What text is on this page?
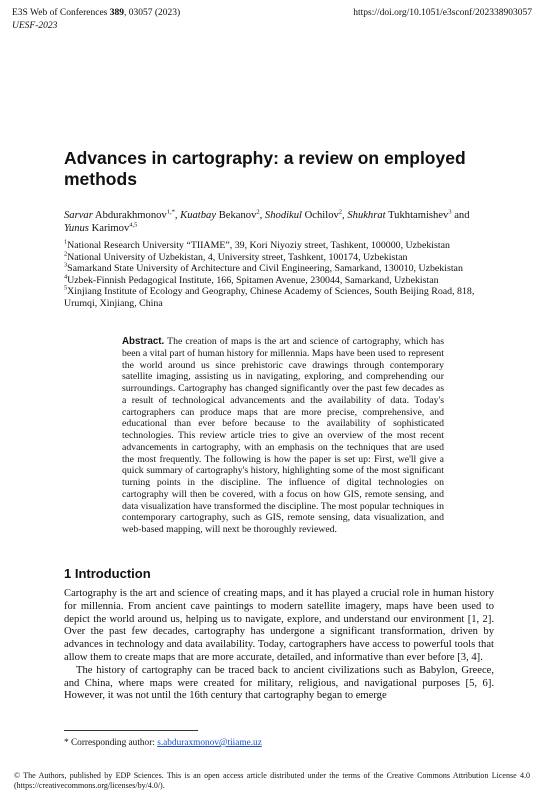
E3S Web of Conferences 389, 03057 (2023)
UESF-2023
https://doi.org/10.1051/e3sconf/202338903057
Advances in cartography: a review on employed methods
Sarvar Abdurakhmonov$^{1,*}$, Kuatbay Bekanov$^2$, Shodikul Ochilov$^2$, Shukhrat Tukhtamishev$^3$ and Yunus Karimov$^{4,5}$
$^1$National Research University “TIIAME”, 39, Kori Niyoziy street, Tashkent, 100000, Uzbekistan
$^2$National University of Uzbekistan, 4, University street, Tashkent, 100174, Uzbekistan
$^3$Samarkand State University of Architecture and Civil Engineering, Samarkand, 130010, Uzbekistan
$^4$Uzbek-Finnish Pedagogical Institute, 166, Spitamen Avenue, 230044, Samarkand, Uzbekistan
$^5$Xinjiang Institute of Ecology and Geography, Chinese Academy of Sciences, South Beijing Road, 818, Urumqi, Xinjiang, China
Abstract. The creation of maps is the art and science of cartography, which has been a vital part of human history for millennia. Maps have been used to represent the world around us since prehistoric cave drawings through contemporary satellite imaging, assisting us in navigating, exploring, and comprehending our surroundings. Cartography has changed significantly over the past few decades as a result of technological advancements and the availability of data. Today's cartographers can produce maps that are more precise, comprehensive, and educational than ever before because to the availability of sophisticated technologies. This review article tries to give an overview of the most recent advancements in cartography, with an emphasis on the techniques that are used the most frequently. The following is how the paper is set up: First, we'll give a quick summary of cartography's history, highlighting some of the most significant turning points in the discipline. The influence of digital technologies on cartography will then be covered, with a focus on how GIS, remote sensing, and data visualization have transformed the discipline. The most popular techniques in contemporary cartography, such as GIS, remote sensing, data visualization, and web-based mapping, will next be thoroughly reviewed.
1 Introduction

Cartography is the art and science of creating maps, and it has played a crucial role in human history for millennia. From ancient cave paintings to modern satellite imagery, maps have been used to depict the world around us, helping us to navigate, explore, and understand our environment [1, 2]. Over the past few decades, cartography has undergone a significant transformation, driven by advances in technology and data availability. Today, cartographers have access to powerful tools that allow them to create maps that are more accurate, detailed, and informative than ever before [3, 4].

The history of cartography can be traced back to ancient civilizations such as Babylon, Greece, and China, where maps were created for military, religious, and navigational purposes [5, 6]. However, it was not until the 16th century that cartography began to emerge

* Corresponding author: s.abduraxmonov@tiiame.uz
© The Authors, published by EDP Sciences. This is an open access article distributed under the terms of the Creative Commons Attribution License 4.0 (https://creativecommons.org/licenses/by/4.0/).
